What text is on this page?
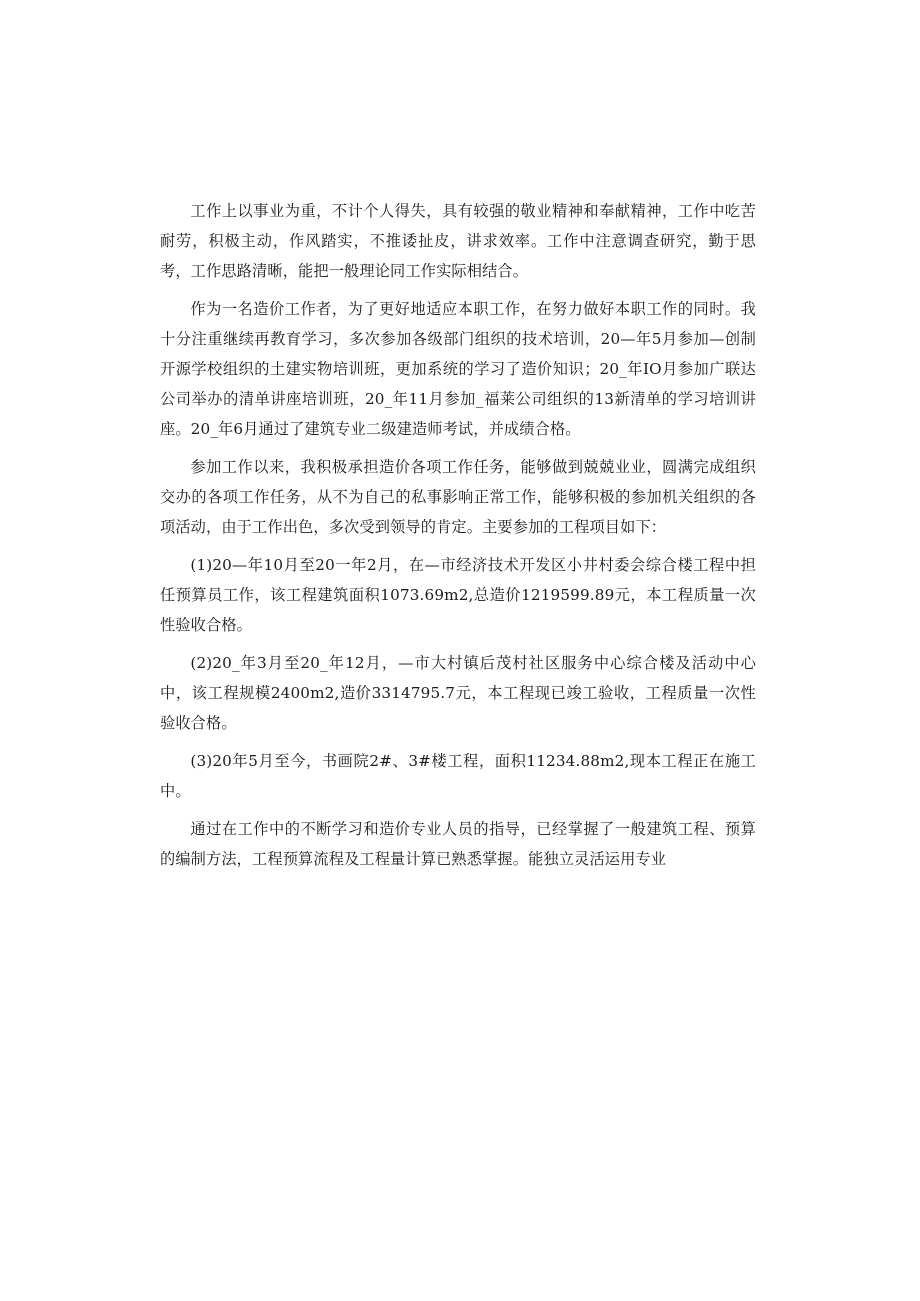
工作上以事业为重，不计个人得失，具有较强的敬业精神和奉献精神，工作中吃苦耐劳，积极主动，作风踏实，不推诿扯皮，讲求效率。工作中注意调查研究，勤于思考，工作思路清晰，能把一般理论同工作实际相结合。

作为一名造价工作者，为了更好地适应本职工作，在努力做好本职工作的同时。我十分注重继续再教育学习，多次参加各级部门组织的技术培训，20—年5月参加—创制开源学校组织的土建实物培训班，更加系统的学习了造价知识；20_年IO月参加广联达公司举办的清单讲座培训班，20_年11月参加_福莱公司组织的13新清单的学习培训讲座。20_年6月通过了建筑专业二级建造师考试，并成绩合格。

参加工作以来，我积极承担造价各项工作任务，能够做到兢兢业业，圆满完成组织交办的各项工作任务，从不为自己的私事影响正常工作，能够积极的参加机关组织的各项活动，由于工作出色，多次受到领导的肯定。主要参加的工程项目如下：

(1)20—年10月至20一年2月，在—市经济技术开发区小井村委会综合楼工程中担任预算员工作，该工程建筑面积1073.69m2,总造价1219599.89元，本工程质量一次性验收合格。

(2)20_年3月至20_年12月，—市大村镇后茂村社区服务中心综合楼及活动中心中，该工程规模2400m2,造价3314795.7元，本工程现已竣工验收，工程质量一次性验收合格。

(3)20年5月至今，书画院2#、3#楼工程，面积11234.88m2,现本工程正在施工中。

通过在工作中的不断学习和造价专业人员的指导，已经掌握了一般建筑工程、预算的编制方法，工程预算流程及工程量计算已熟悉掌握。能独立灵活运用专业
